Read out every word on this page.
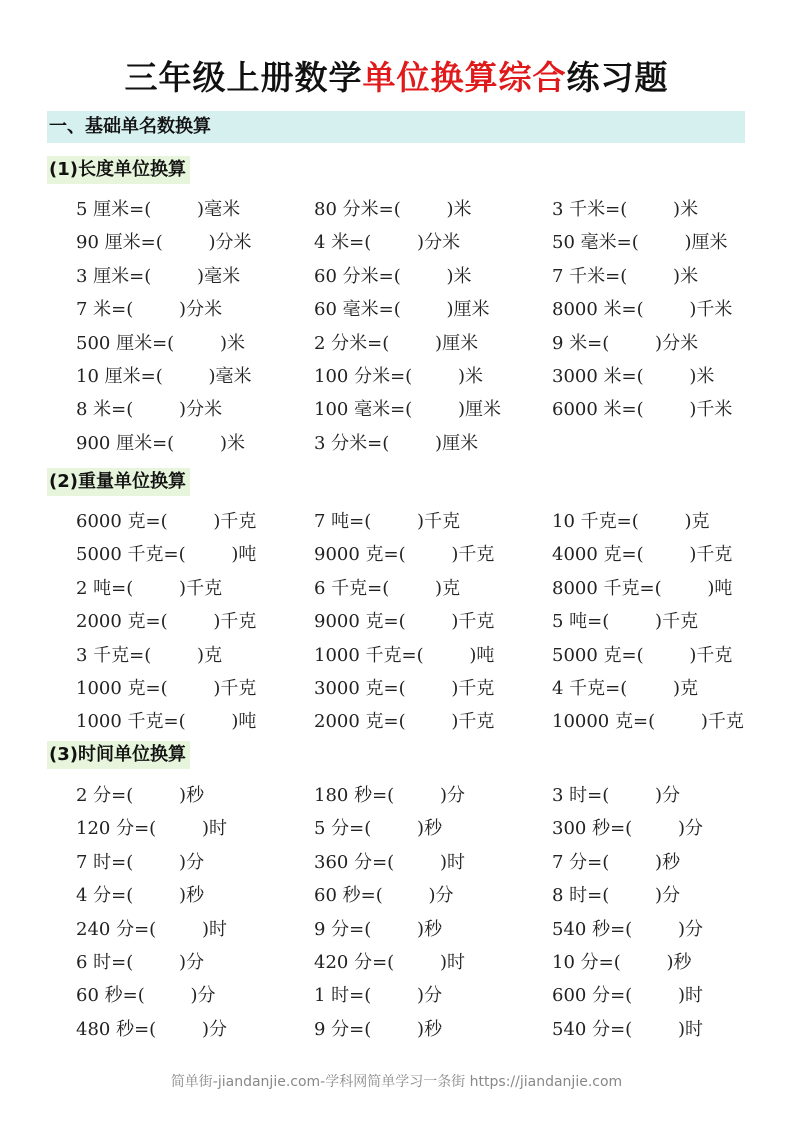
三年级上册数学单位换算综合练习题
一、基础单名数换算
(1)长度单位换算
5 厘米=(        )毫米	80 分米=(        )米	3 千米=(        )米
90 厘米=(        )分米	4 米=(        )分米	50 毫米=(        )厘米
3 厘米=(        )毫米	60 分米=(        )米	7 千米=(        )米
7 米=(        )分米	60 毫米=(        )厘米	8000 米=(        )千米
500 厘米=(        )米	2 分米=(        )厘米	9 米=(        )分米
10 厘米=(        )毫米	100 分米=(        )米	3000 米=(        )米
8 米=(        )分米	100 毫米=(        )厘米	6000 米=(        )千米
900 厘米=(        )米	3 分米=(        )厘米
(2)重量单位换算
6000 克=(        )千克	7 吨=(        )千克	10 千克=(        )克
5000 千克=(        )吨	9000 克=(        )千克	4000 克=(        )千克
2 吨=(        )千克	6 千克=(        )克	8000 千克=(        )吨
2000 克=(        )千克	9000 克=(        )千克	5 吨=(        )千克
3 千克=(        )克	1000 千克=(        )吨	5000 克=(        )千克
1000 克=(        )千克	3000 克=(        )千克	4 千克=(        )克
1000 千克=(        )吨	2000 克=(        )千克	10000 克=(        )千克
(3)时间单位换算
2 分=(        )秒	180 秒=(        )分	3 时=(        )分
120 分=(        )时	5 分=(        )秒	300 秒=(        )分
7 时=(        )分	360 分=(        )时	7 分=(        )秒
4 分=(        )秒	60 秒=(        )分	8 时=(        )分
240 分=(        )时	9 分=(        )秒	540 秒=(        )分
6 时=(        )分	420 分=(        )时	10 分=(        )秒
60 秒=(        )分	1 时=(        )分	600 分=(        )时
480 秒=(        )分	9 分=(        )秒	540 分=(        )时
简单街-jiandanjie.com-学科网简单学习一条街 https://jiandanjie.com
